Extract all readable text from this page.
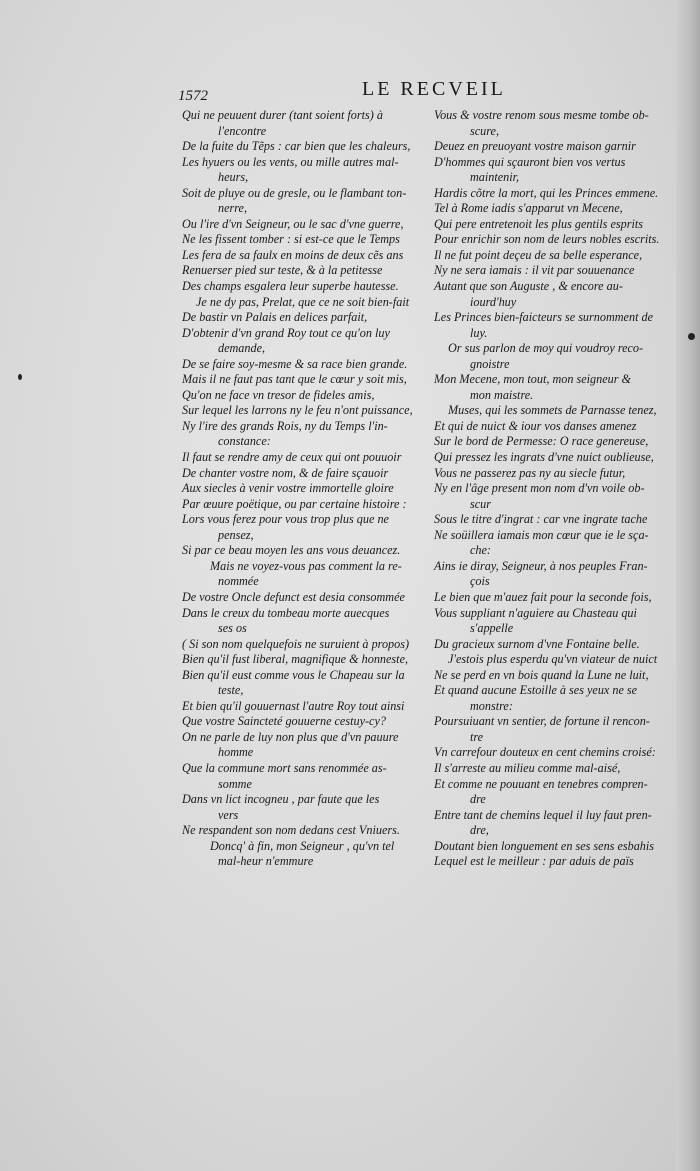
1572	LE RECVEIL
Qui ne peuuent durer (tant soient forts) à
l'encontre
De la fuite du Tẽps : car bien que les chaleurs,
Les hyuers ou les vents, ou mille autres mal-
heurs,
Soit de pluye ou de gresle, ou le flambant ton-
nerre,
Ou l'ire d'vn Seigneur, ou le sac d'vne guerre,
Ne les fissent tomber : si est-ce que le Temps
Les fera de sa faulx en moins de deux cẽs ans
Renuerser pied sur teste, & à la petitesse
Des champs esgalera leur superbe hautesse.
Je ne dy pas, Prelat, que ce ne soit bien-fait
De bastir vn Palais en delices parfait,
D'obtenir d'vn grand Roy tout ce qu'on luy
demande,
De se faire soy-mesme & sa race bien grande.
Mais il ne faut pas tant que le cœur y soit mis,
Qu'on ne face vn tresor de fideles amis,
Sur lequel les larrons ny le feu n'ont puissance,
Ny l'ire des grands Rois, ny du Temps l'in-
constance:
Il faut se rendre amy de ceux qui ont pouuoir
De chanter vostre nom, & de faire sçauoir
Aux siecles à venir vostre immortelle gloire
Par œuure poëtique, ou par certaine histoire :
Lors vous ferez pour vous trop plus que ne
pensez,
Si par ce beau moyen les ans vous deuancez.
Mais ne voyez-vous pas comment la re-
nommée
De vostre Oncle defunct est desia consommée
Dans le creux du tombeau morte auecques
ses os
( Si son nom quelquefois ne suruient à propos)
Bien qu'il fust liberal, magnifique & honneste,
Bien qu'il eust comme vous le Chapeau sur la
teste,
Et bien qu'il gouuernast l'autre Roy tout ainsi
Que vostre Saincteté gouuerne cestuy-cy?
On ne parle de luy non plus que d'vn pauure
homme
Que la commune mort sans renommée as-
somme
Dans vn lict incogneu , par faute que les
vers
Ne respandent son nom dedans cest Vniuers.
Doncq' à fin, mon Seigneur , qu'vn tel
mal-heur n'emmure
Vous & vostre renom sous mesme tombe ob-
scure,
Deuez en preuoyant vostre maison garnir
D'hommes qui sçauront bien vos vertus
maintenir,
Hardis cõtre la mort, qui les Princes emmene.
Tel à Rome iadis s'apparut vn Mecene,
Qui pere entretenoit les plus gentils esprits
Pour enrichir son nom de leurs nobles escrits.
Il ne fut point deçeu de sa belle esperance,
Ny ne sera iamais : il vit par souuenance
Autant que son Auguste , & encore au-
iourd'huy
Les Princes bien-faicteurs se surnomment de
luy.
Or sus parlon de moy qui voudroy reco-
gnoistre
Mon Mecene, mon tout, mon seigneur &
mon maistre.
Muses, qui les sommets de Parnasse tenez,
Et qui de nuict & iour vos danses amenez
Sur le bord de Permesse: O race genereuse,
Qui pressez les ingrats d'vne nuict oublieuse,
Vous ne passerez pas ny au siecle futur,
Ny en l'âge present mon nom d'vn voile ob-
scur
Sous le titre d'ingrat : car vne ingrate tache
Ne soüillera iamais mon cœur que ie le sça-
che:
Ains ie diray, Seigneur, à nos peuples Fran-
çois
Le bien que m'auez fait pour la seconde fois,
Vous suppliant n'aguiere au Chasteau qui
s'appelle
Du gracieux surnom d'vne Fontaine belle.
J'estois plus esperdu qu'vn viateur de nuict
Ne se perd en vn bois quand la Lune ne luit,
Et quand aucune Estoille à ses yeux ne se
monstre:
Poursuiuant vn sentier, de fortune il rencon-
tre
Vn carrefour douteux en cent chemins croisé:
Il s'arreste au milieu comme mal-aisé,
Et comme ne pouuant en tenebres compren-
dre
Entre tant de chemins lequel il luy faut pren-
dre,
Doutant bien longuement en ses sens esbahis
Lequel est le meilleur : par aduis de païs
